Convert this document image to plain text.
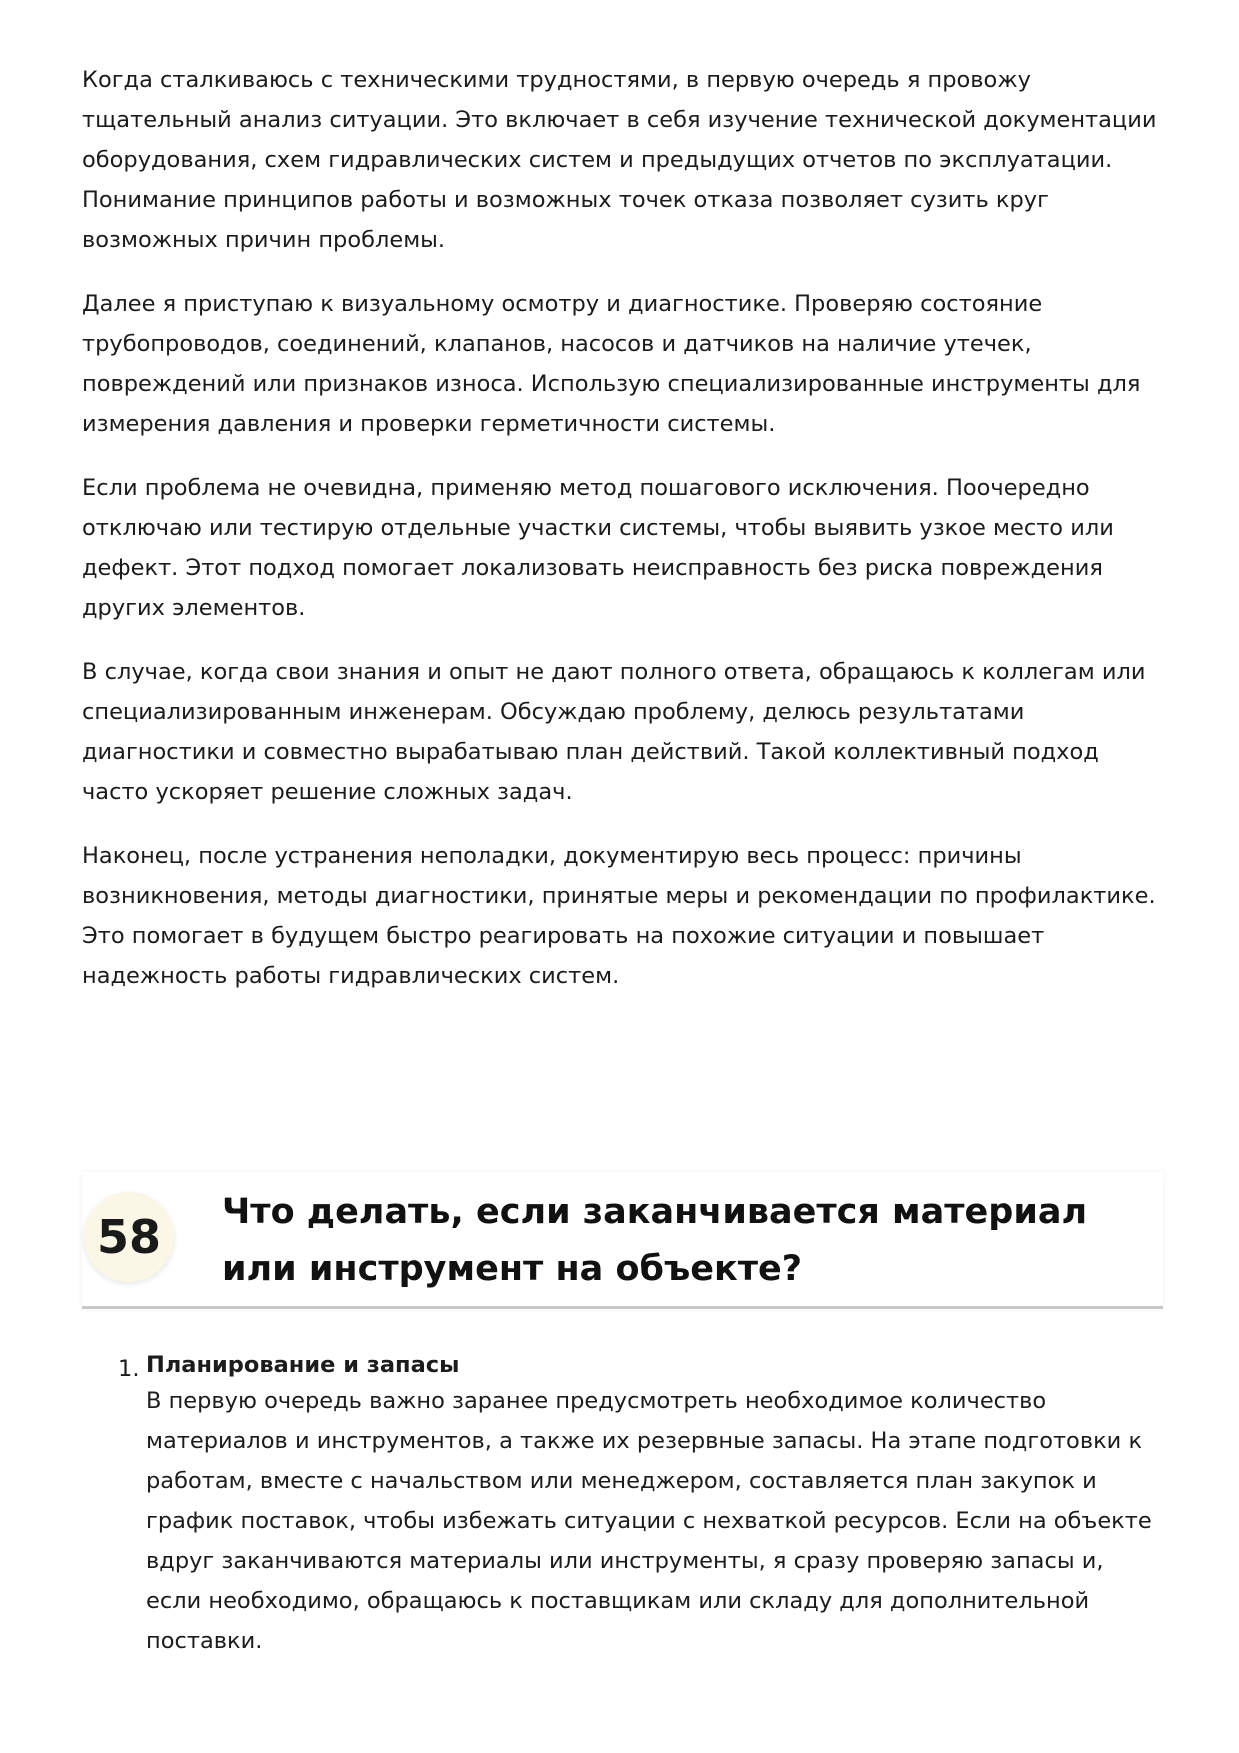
Когда сталкиваюсь с техническими трудностями, в первую очередь я провожу тщательный анализ ситуации. Это включает в себя изучение технической документации оборудования, схем гидравлических систем и предыдущих отчетов по эксплуатации. Понимание принципов работы и возможных точек отказа позволяет сузить круг возможных причин проблемы.

Далее я приступаю к визуальному осмотру и диагностике. Проверяю состояние трубопроводов, соединений, клапанов, насосов и датчиков на наличие утечек, повреждений или признаков износа. Использую специализированные инструменты для измерения давления и проверки герметичности системы.

Если проблема не очевидна, применяю метод пошагового исключения. Поочередно отключаю или тестирую отдельные участки системы, чтобы выявить узкое место или дефект. Этот подход помогает локализовать неисправность без риска повреждения других элементов.

В случае, когда свои знания и опыт не дают полного ответа, обращаюсь к коллегам или специализированным инженерам. Обсуждаю проблему, делюсь результатами диагностики и совместно вырабатываю план действий. Такой коллективный подход часто ускоряет решение сложных задач.

Наконец, после устранения неполадки, документирую весь процесс: причины возникновения, методы диагностики, принятые меры и рекомендации по профилактике. Это помогает в будущем быстро реагировать на похожие ситуации и повышает надежность работы гидравлических систем.

58	Что делать, если заканчивается материал или инструмент на объекте?
1. Планирование и запасы
В первую очередь важно заранее предусмотреть необходимое количество материалов и инструментов, а также их резервные запасы. На этапе подготовки к работам, вместе с начальством или менеджером, составляется план закупок и график поставок, чтобы избежать ситуации с нехваткой ресурсов. Если на объекте вдруг заканчиваются материалы или инструменты, я сразу проверяю запасы и, если необходимо, обращаюсь к поставщикам или складу для дополнительной поставки.
